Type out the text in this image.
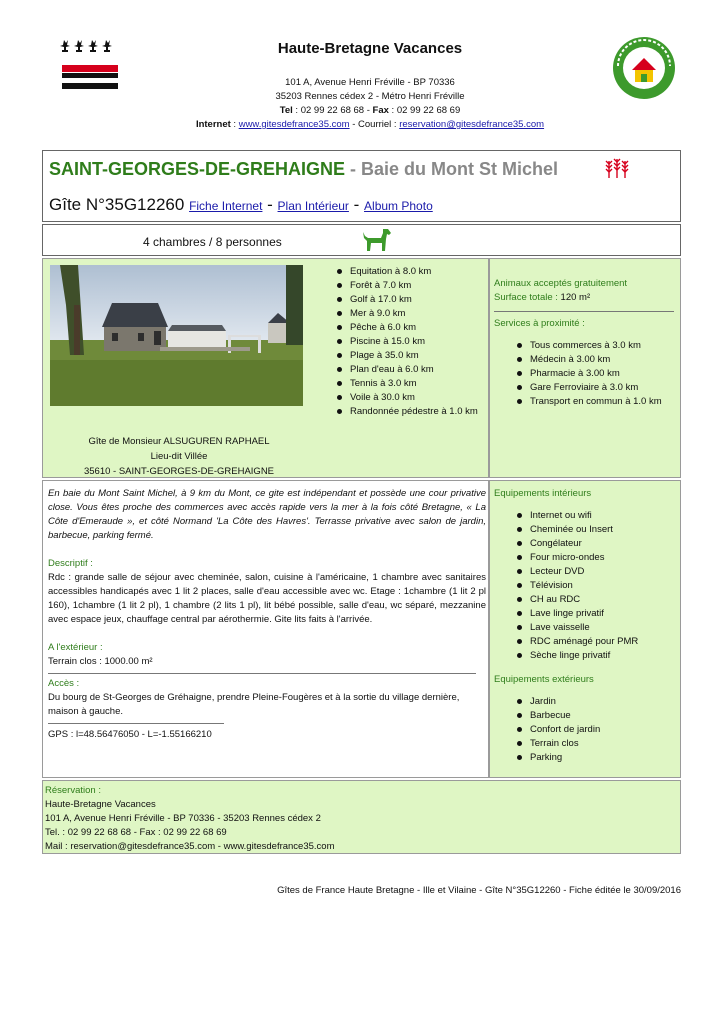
Haute-Bretagne Vacances
101 A, Avenue Henri Fréville - BP 70336
35203 Rennes cédex 2 - Métro Henri Fréville
Tel : 02 99 22 68 68 - Fax : 02 99 22 68 69
Internet : www.gitesdefrance35.com - Courriel : reservation@gitesdefrance35.com
SAINT-GEORGES-DE-GREHAIGNE - Baie du Mont St Michel
Gîte N°35G12260 Fiche Internet - Plan Intérieur - Album Photo
4 chambres / 8 personnes
Gîte de Monsieur ALSUGUREN RAPHAEL
Lieu-dit Villée
35610 - SAINT-GEORGES-DE-GREHAIGNE
Equitation à 8.0 km
Forêt à 7.0 km
Golf à 17.0 km
Mer à 9.0 km
Pêche à 6.0 km
Piscine à 15.0 km
Plage à 35.0 km
Plan d'eau à 6.0 km
Tennis à 3.0 km
Voile à 30.0 km
Randonnée pédestre à 1.0 km
Animaux acceptés gratuitement
Surface totale : 120 m²
Services à proximité :
Tous commerces à 3.0 km
Médecin à 3.00 km
Pharmacie à 3.00 km
Gare Ferroviaire à 3.0 km
Transport en commun à 1.0 km

En baie du Mont Saint Michel, à 9 km du Mont, ce gite est indépendant et possède une cour privative close. Vous êtes proche des commerces avec accès rapide vers la mer à la fois côté Bretagne, « La Côte d'Emeraude », et côté Normand 'La Côte des Havres'. Terrasse privative avec salon de jardin, barbecue, parking fermé.

Descriptif :

Rdc : grande salle de séjour avec cheminée, salon, cuisine à l'américaine, 1 chambre avec sanitaires accessibles handicapés avec 1 lit 2 places, salle d'eau accessible avec wc. Etage : 1chambre (1 lit 2 pl 160), 1chambre (1 lit 2 pl), 1 chambre (2 lits 1 pl), lit bébé possible, salle d'eau, wc séparé, mezzanine avec espace jeux, chauffage central par aérothermie. Gite lits faits à l'arrivée.

A l'extérieur :

Terrain clos : 1000.00 m²

Accès :

Du bourg de St-Georges de Gréhaigne, prendre Pleine-Fougères et à la sortie du village dernière, maison à gauche.

GPS : l=48.56476050 - L=-1.55166210

Equipements intérieurs
Internet ou wifi
Cheminée ou Insert
Congélateur
Four micro-ondes
Lecteur DVD
Télévision
CH au RDC
Lave linge privatif
Lave vaisselle
RDC aménagé pour PMR
Sèche linge privatif
Equipements extérieurs
Jardin
Barbecue
Confort de jardin
Terrain clos
Parking
Réservation :
Haute-Bretagne Vacances
101 A, Avenue Henri Fréville - BP 70336 - 35203 Rennes cédex 2
Tel. : 02 99 22 68 68 - Fax : 02 99 22 68 69
Mail : reservation@gitesdefrance35.com - www.gitesdefrance35.com
Gîtes de France Haute Bretagne - Ille et Vilaine - Gîte N°35G12260 - Fiche éditée le 30/09/2016
